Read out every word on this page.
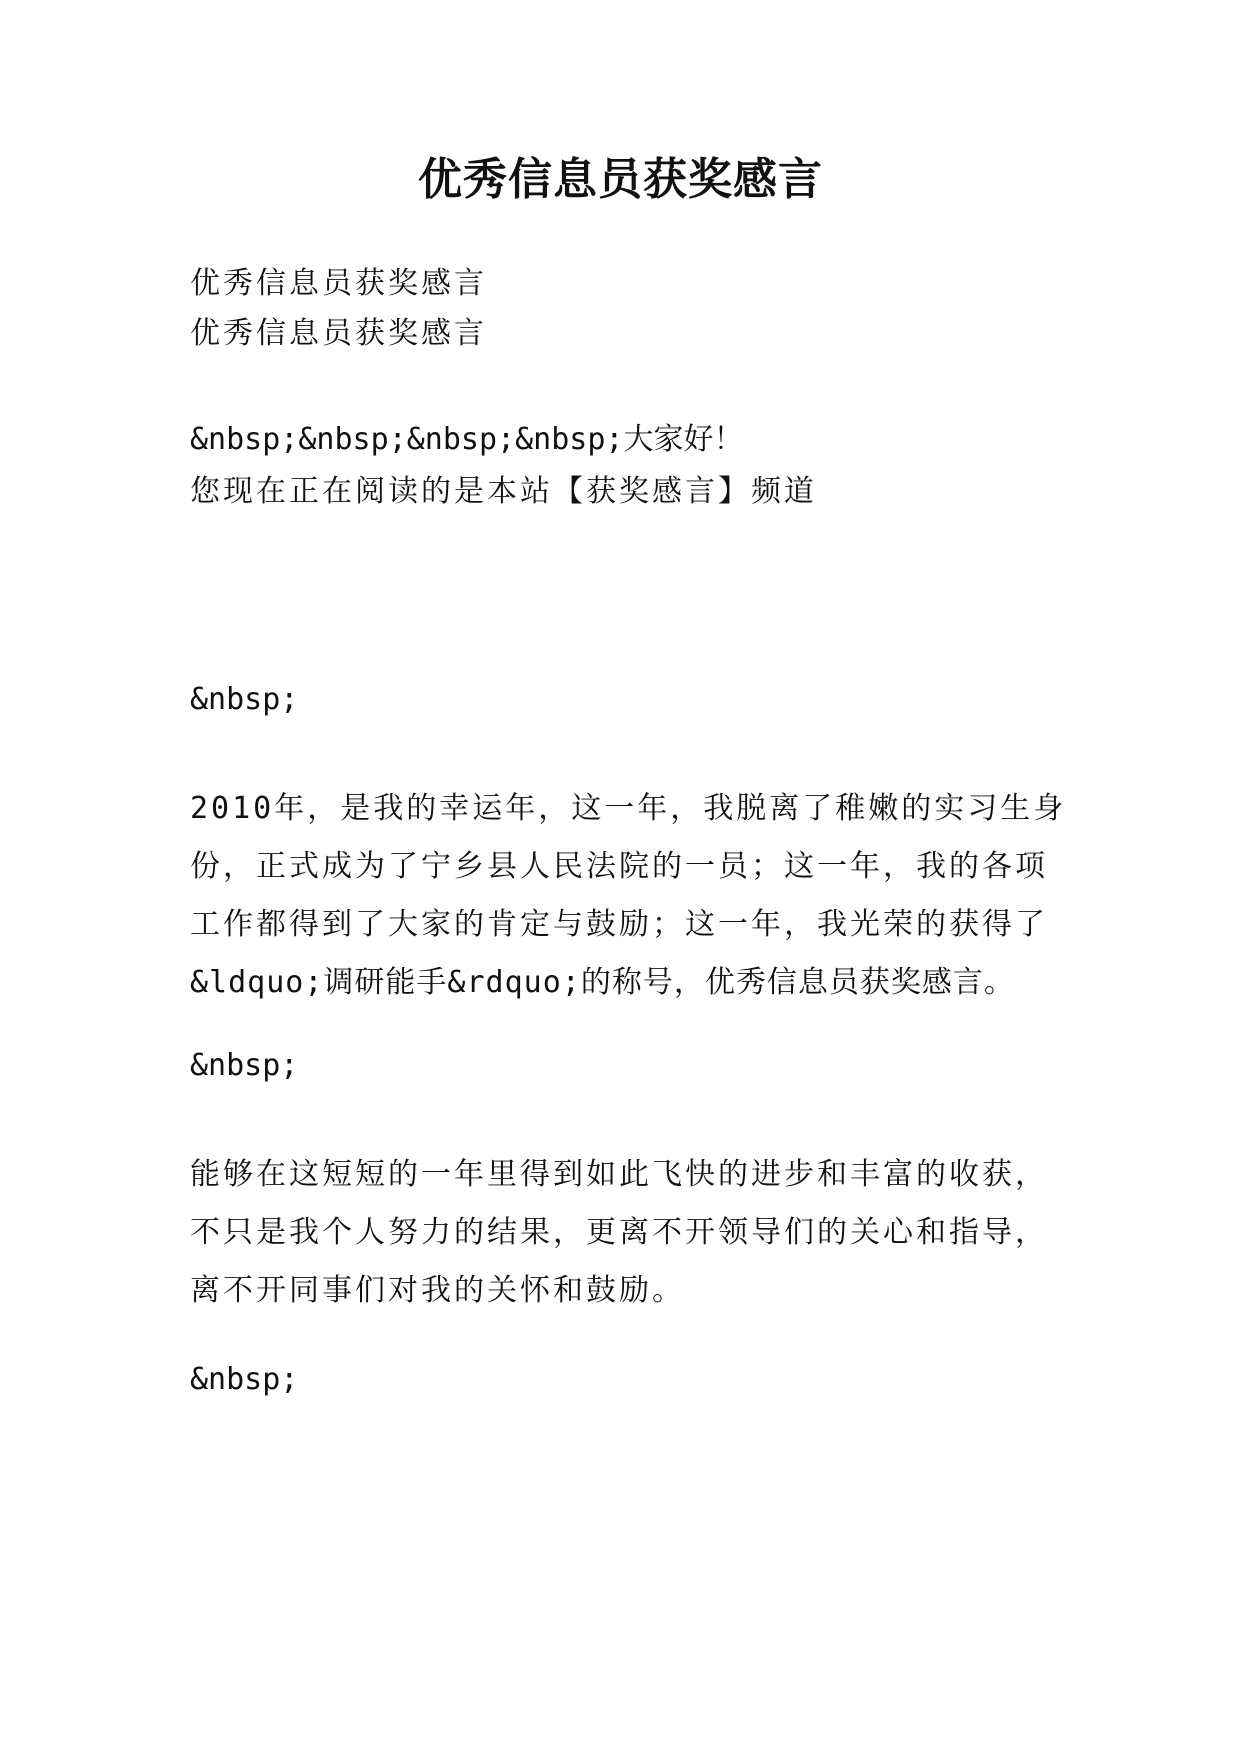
优秀信息员获奖感言

优秀信息员获奖感言

优秀信息员获奖感言

&nbsp;&nbsp;&nbsp;&nbsp;大家好！

您现在正在阅读的是本站【获奖感言】频道

&nbsp;

2010年，是我的幸运年，这一年，我脱离了稚嫩的实习生身
份，正式成为了宁乡县人民法院的一员；这一年，我的各项
工作都得到了大家的肯定与鼓励；这一年，我光荣的获得了
&ldquo;调研能手&rdquo;的称号，优秀信息员获奖感言。

&nbsp;

能够在这短短的一年里得到如此飞快的进步和丰富的收获，
不只是我个人努力的结果，更离不开领导们的关心和指导，
离不开同事们对我的关怀和鼓励。

&nbsp;
